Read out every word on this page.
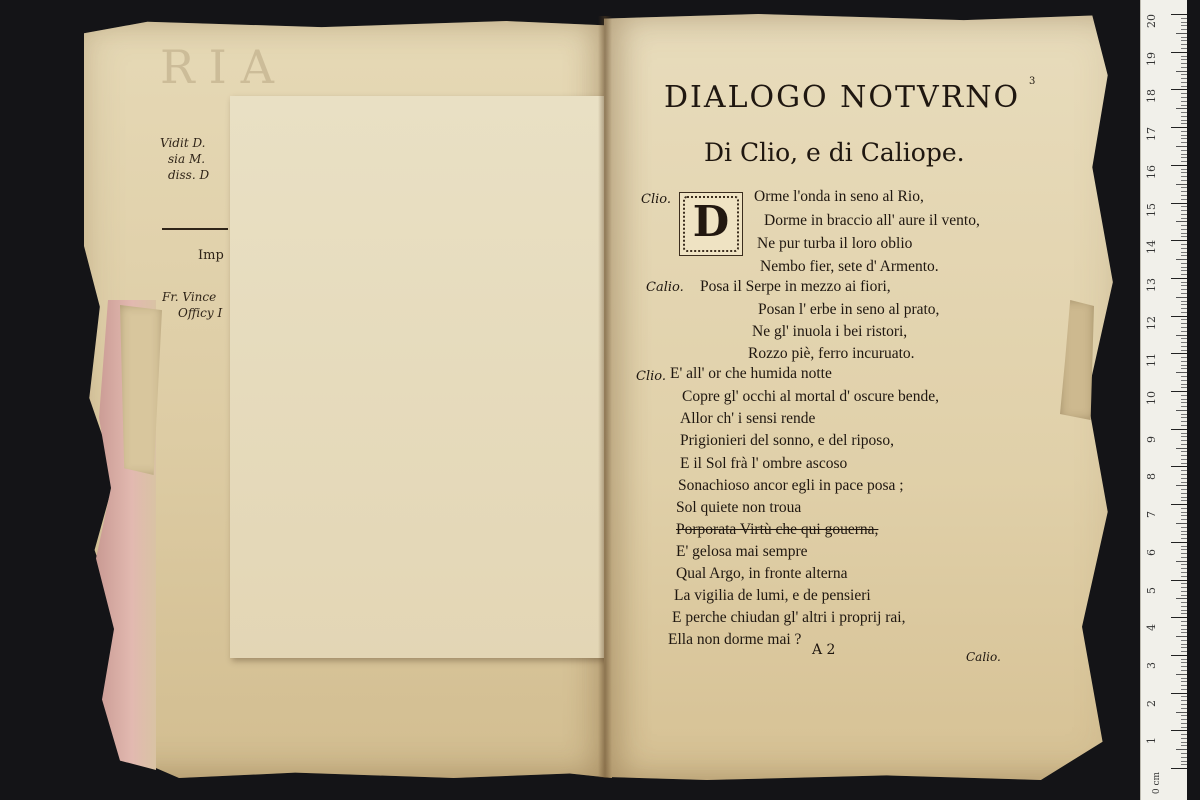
RIA
Vidit D.
sia M.
diss. D
Imp
Fr. Vince
Officy I
DIALOGO NOTVRNO 3
Di Clio, e di Caliope.
D
Clio.	Orme l'onda in seno al Rio,
Dorme in braccio all' aure il vento,
Ne pur turba il loro oblio
Nembo fier, sete d' Armento.
Calio. Posa il Serpe in mezzo ai fiori,
Posan l' erbe in seno al prato,
Ne gl' inuola i bei ristori,
Rozzo piè, ferro incuruato.
Clio. E' all' or che humida notte
Copre gl' occhi al mortal d' oscure bende,
Allor ch' i sensi rende
Prigionieri del sonno, e del riposo,
E il Sol frà l' ombre ascoso
Sonachioso ancor egli in pace posa ;
Sol quiete non troua
Porporata Virtù che qui gouerna,
E' gelosa mai sempre
Qual Argo, in fronte alterna
La vigilia de lumi, e de pensieri
E perche chiudan gl' altri i proprij rai,
Ella non dorme mai ?
A 2	Calio.
20
19
18
17
16
15
14
13
12
11
10
9
8
7
6
5
4
3
2
1
0 cm
